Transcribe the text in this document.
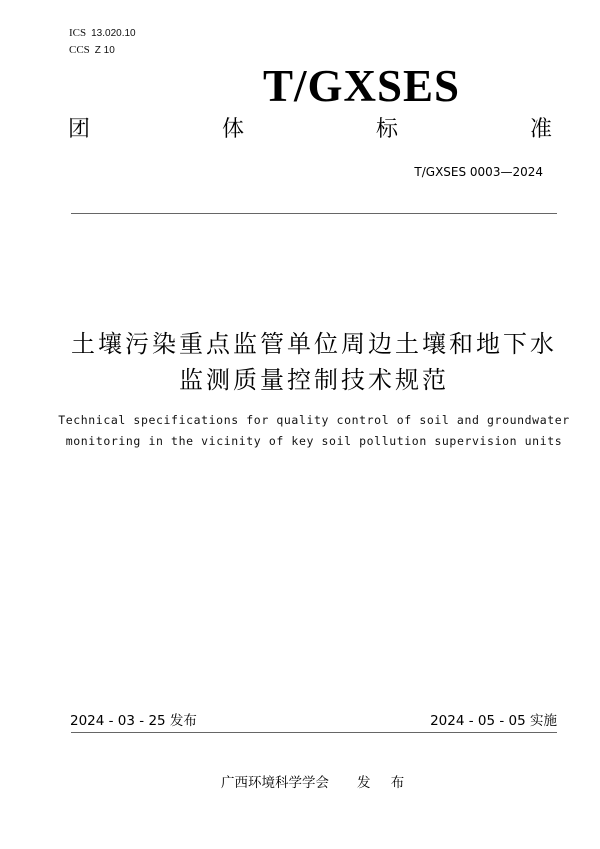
ICS 13.020.10
CCS Z 10
T/GXSES
团	体	标	准
T/GXSES 0003—2024
土壤污染重点监管单位周边土壤和地下水
监测质量控制技术规范
Technical specifications for quality control of soil and groundwater
monitoring in the vicinity of key soil pollution supervision units
2024 - 03 - 25 发布	2024 - 05 - 05 实施
广西环境科学学会 发 布
